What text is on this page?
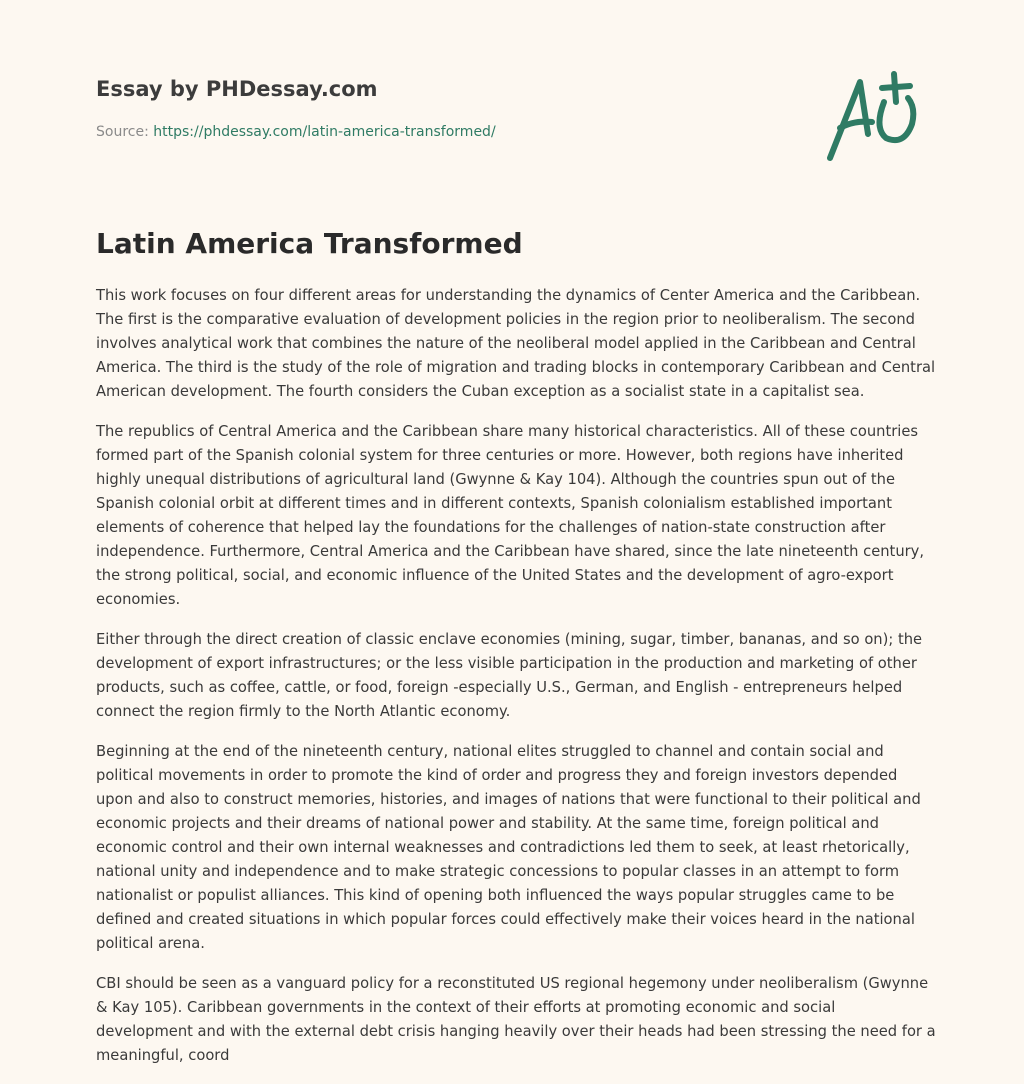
Essay by PHDessay.com
Source: https://phdessay.com/latin-america-transformed/
Latin America Transformed

This work focuses on four different areas for understanding the dynamics of Center America and the Caribbean. The first is the comparative evaluation of development policies in the region prior to neoliberalism. The second involves analytical work that combines the nature of the neoliberal model applied in the Caribbean and Central America. The third is the study of the role of migration and trading blocks in contemporary Caribbean and Central American development. The fourth considers the Cuban exception as a socialist state in a capitalist sea.

The republics of Central America and the Caribbean share many historical characteristics. All of these countries formed part of the Spanish colonial system for three centuries or more. However, both regions have inherited highly unequal distributions of agricultural land (Gwynne & Kay 104). Although the countries spun out of the Spanish colonial orbit at different times and in different contexts, Spanish colonialism established important elements of coherence that helped lay the foundations for the challenges of nation-state construction after independence. Furthermore, Central America and the Caribbean have shared, since the late nineteenth century, the strong political, social, and economic influence of the United States and the development of agro-export economies.

Either through the direct creation of classic enclave economies (mining, sugar, timber, bananas, and so on); the development of export infrastructures; or the less visible participation in the production and marketing of other products, such as coffee, cattle, or food, foreign -especially U.S., German, and English - entrepreneurs helped connect the region firmly to the North Atlantic economy.

Beginning at the end of the nineteenth century, national elites struggled to channel and contain social and political movements in order to promote the kind of order and progress they and foreign investors depended upon and also to construct memories, histories, and images of nations that were functional to their political and economic projects and their dreams of national power and stability. At the same time, foreign political and economic control and their own internal weaknesses and contradictions led them to seek, at least rhetorically, national unity and independence and to make strategic concessions to popular classes in an attempt to form nationalist or populist alliances. This kind of opening both influenced the ways popular struggles came to be defined and created situations in which popular forces could effectively make their voices heard in the national political arena.

CBI should be seen as a vanguard policy for a reconstituted US regional hegemony under neoliberalism (Gwynne & Kay 105). Caribbean governments in the context of their efforts at promoting economic and social development and with the external debt crisis hanging heavily over their heads had been stressing the need for a meaningful, coord
